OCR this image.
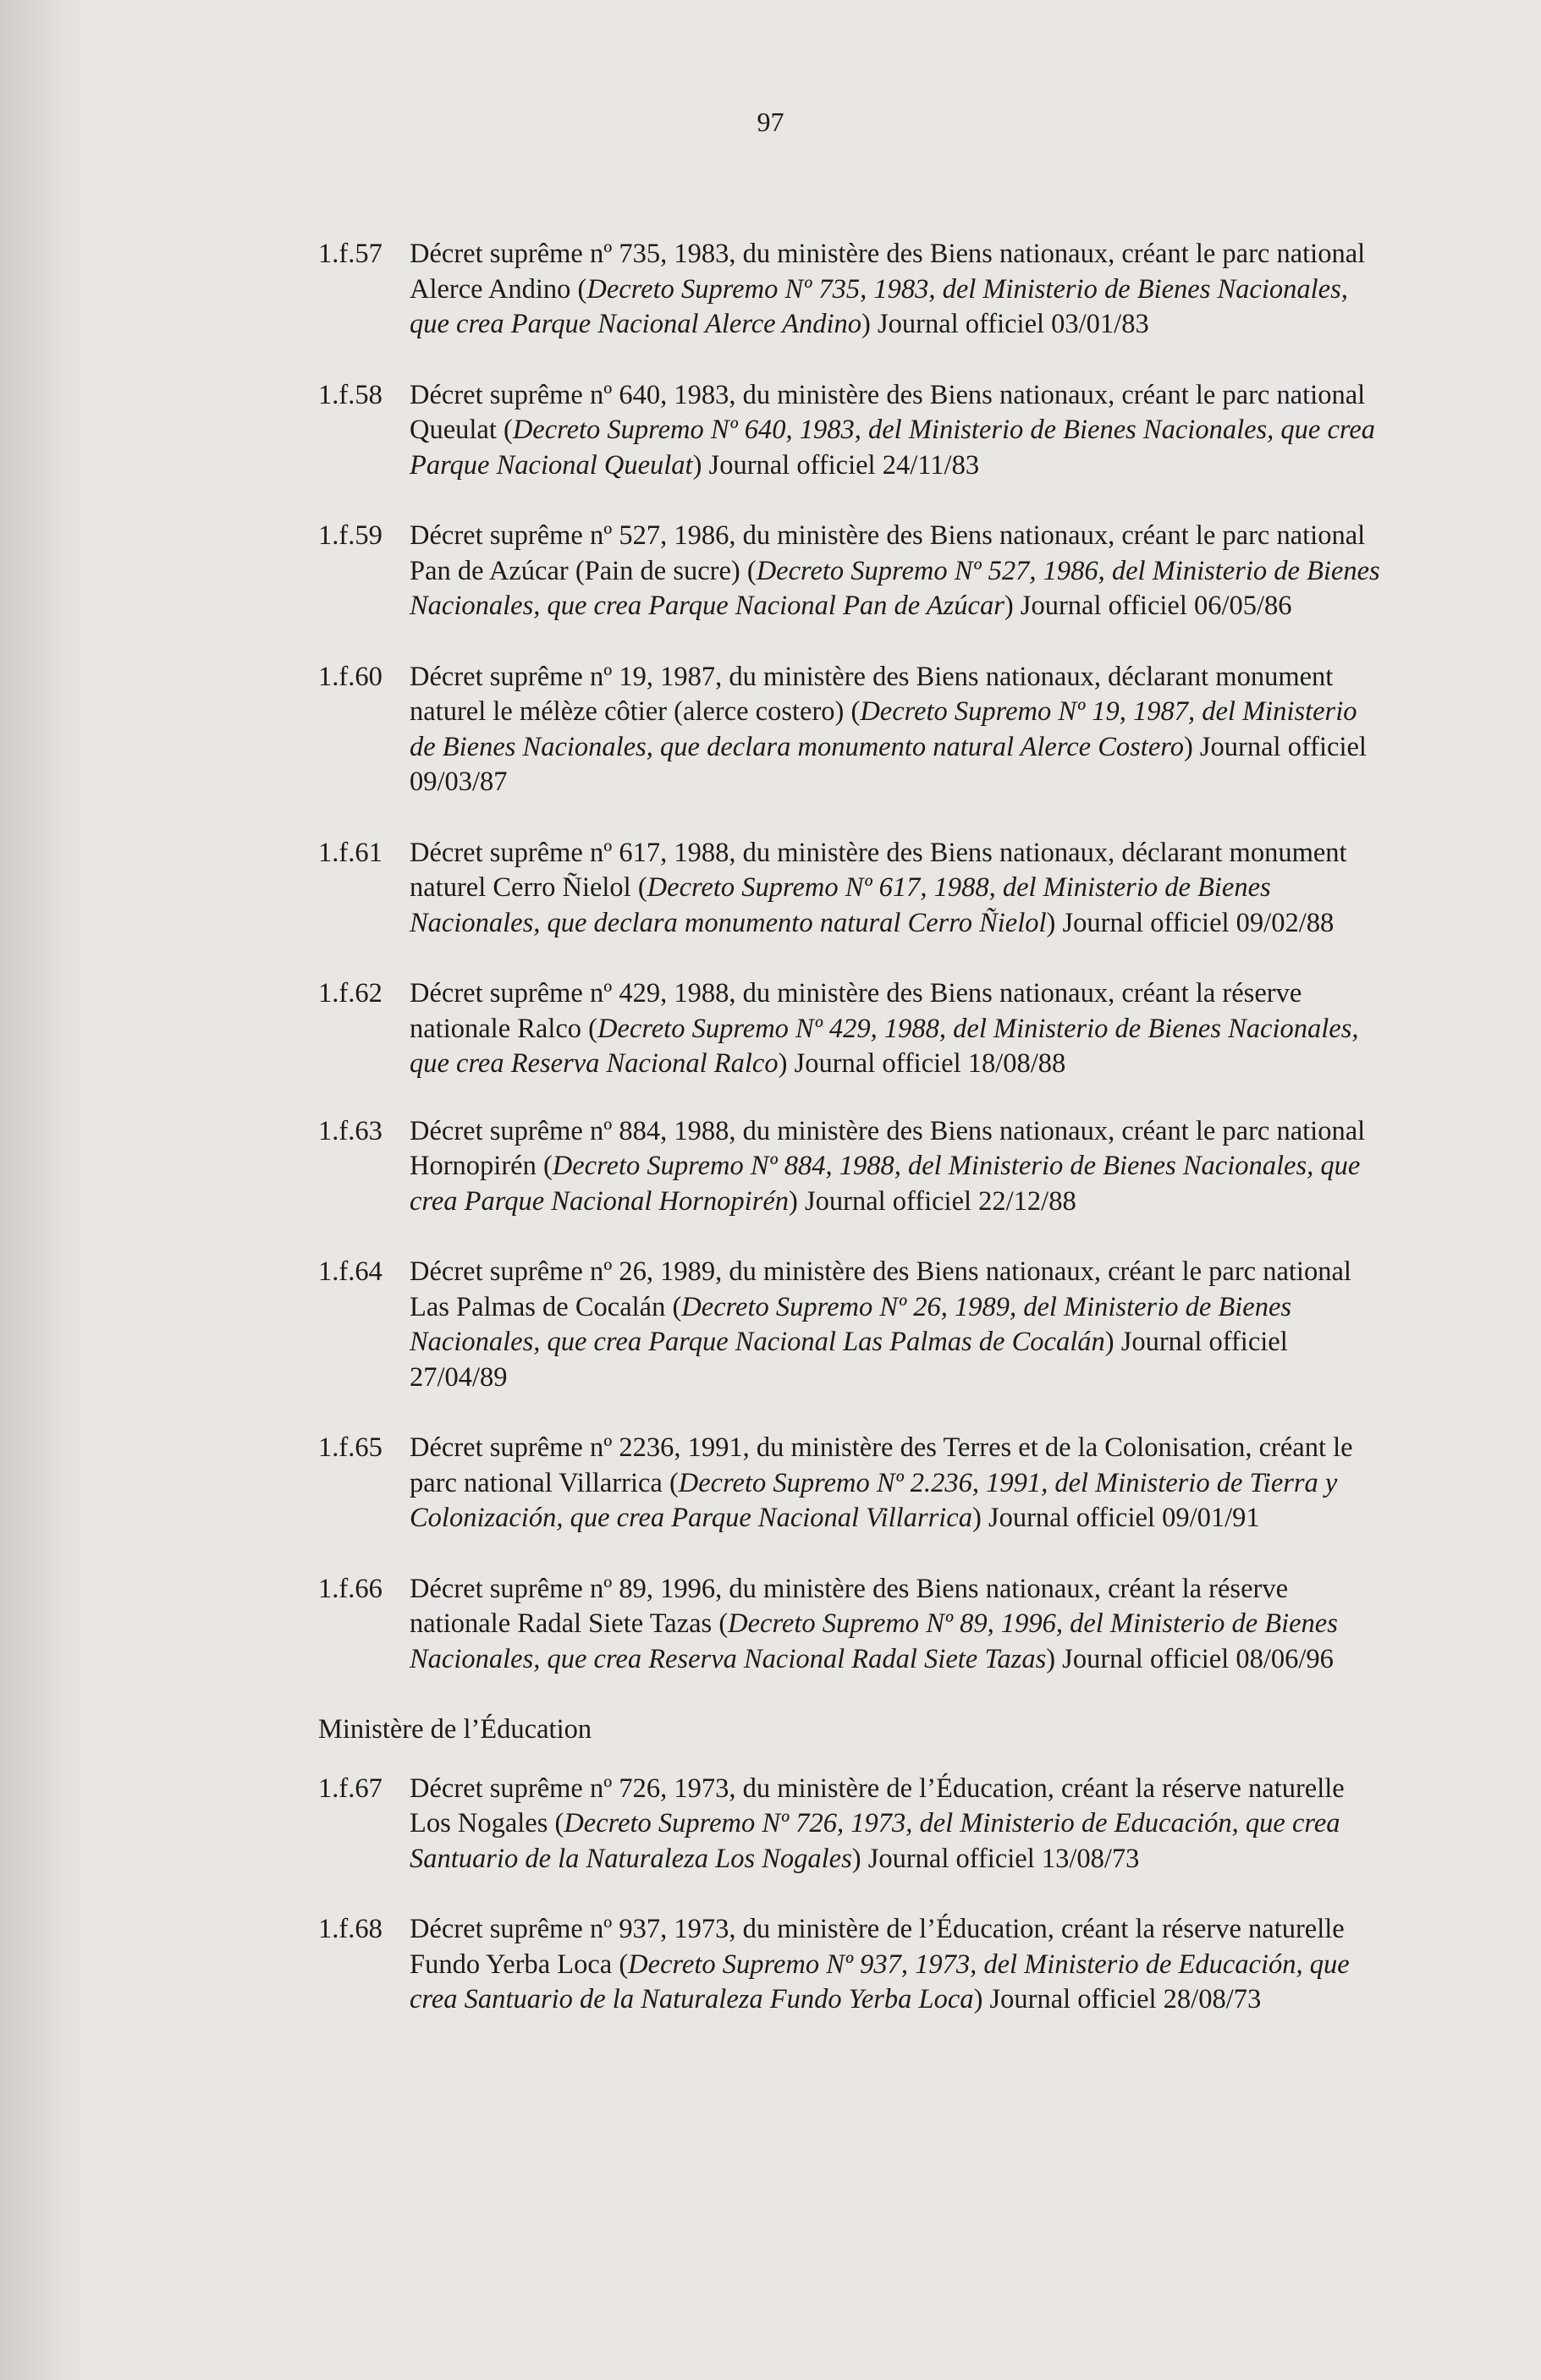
97
1.f.57 Décret suprême nº 735, 1983, du ministère des Biens nationaux, créant le parc national Alerce Andino (Decreto Supremo Nº 735, 1983, del Ministerio de Bienes Nacionales, que crea Parque Nacional Alerce Andino) Journal officiel 03/01/83
1.f.58 Décret suprême nº 640, 1983, du ministère des Biens nationaux, créant le parc national Queulat (Decreto Supremo Nº 640, 1983, del Ministerio de Bienes Nacionales, que crea Parque Nacional Queulat) Journal officiel 24/11/83
1.f.59 Décret suprême nº 527, 1986, du ministère des Biens nationaux, créant le parc national Pan de Azúcar (Pain de sucre) (Decreto Supremo Nº 527, 1986, del Ministerio de Bienes Nacionales, que crea Parque Nacional Pan de Azúcar) Journal officiel 06/05/86
1.f.60 Décret suprême nº 19, 1987, du ministère des Biens nationaux, déclarant monument naturel le mélèze côtier (alerce costero) (Decreto Supremo Nº 19, 1987, del Ministerio de Bienes Nacionales, que declara monumento natural Alerce Costero) Journal officiel 09/03/87
1.f.61 Décret suprême nº 617, 1988, du ministère des Biens nationaux, déclarant monument naturel Cerro Ñielol (Decreto Supremo Nº 617, 1988, del Ministerio de Bienes Nacionales, que declara monumento natural Cerro Ñielol) Journal officiel 09/02/88
1.f.62 Décret suprême nº 429, 1988, du ministère des Biens nationaux, créant la réserve nationale Ralco (Decreto Supremo Nº 429, 1988, del Ministerio de Bienes Nacionales, que crea Reserva Nacional Ralco) Journal officiel 18/08/88
1.f.63 Décret suprême nº 884, 1988, du ministère des Biens nationaux, créant le parc national Hornopirén (Decreto Supremo Nº 884, 1988, del Ministerio de Bienes Nacionales, que crea Parque Nacional Hornopirén) Journal officiel 22/12/88
1.f.64 Décret suprême nº 26, 1989, du ministère des Biens nationaux, créant le parc national Las Palmas de Cocalán (Decreto Supremo Nº 26, 1989, del Ministerio de Bienes Nacionales, que crea Parque Nacional Las Palmas de Cocalán) Journal officiel 27/04/89
1.f.65 Décret suprême nº 2236, 1991, du ministère des Terres et de la Colonisation, créant le parc national Villarrica (Decreto Supremo Nº 2.236, 1991, del Ministerio de Tierra y Colonización, que crea Parque Nacional Villarrica) Journal officiel 09/01/91
1.f.66 Décret suprême nº 89, 1996, du ministère des Biens nationaux, créant la réserve nationale Radal Siete Tazas (Decreto Supremo Nº 89, 1996, del Ministerio de Bienes Nacionales, que crea Reserva Nacional Radal Siete Tazas) Journal officiel 08/06/96
Ministère de l’Éducation
1.f.67 Décret suprême nº 726, 1973, du ministère de l’Éducation, créant la réserve naturelle Los Nogales (Decreto Supremo Nº 726, 1973, del Ministerio de Educación, que crea Santuario de la Naturaleza Los Nogales) Journal officiel 13/08/73
1.f.68 Décret suprême nº 937, 1973, du ministère de l’Éducation, créant la réserve naturelle Fundo Yerba Loca (Decreto Supremo Nº 937, 1973, del Ministerio de Educación, que crea Santuario de la Naturaleza Fundo Yerba Loca) Journal officiel 28/08/73
